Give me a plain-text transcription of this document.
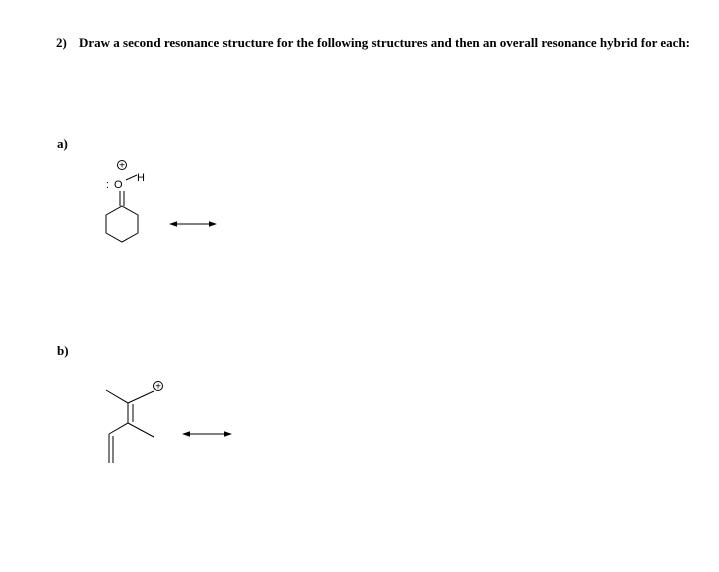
2) Draw a second resonance structure for the following structures and then an overall resonance hybrid for each:
a)
+
: O
H
b)
+
